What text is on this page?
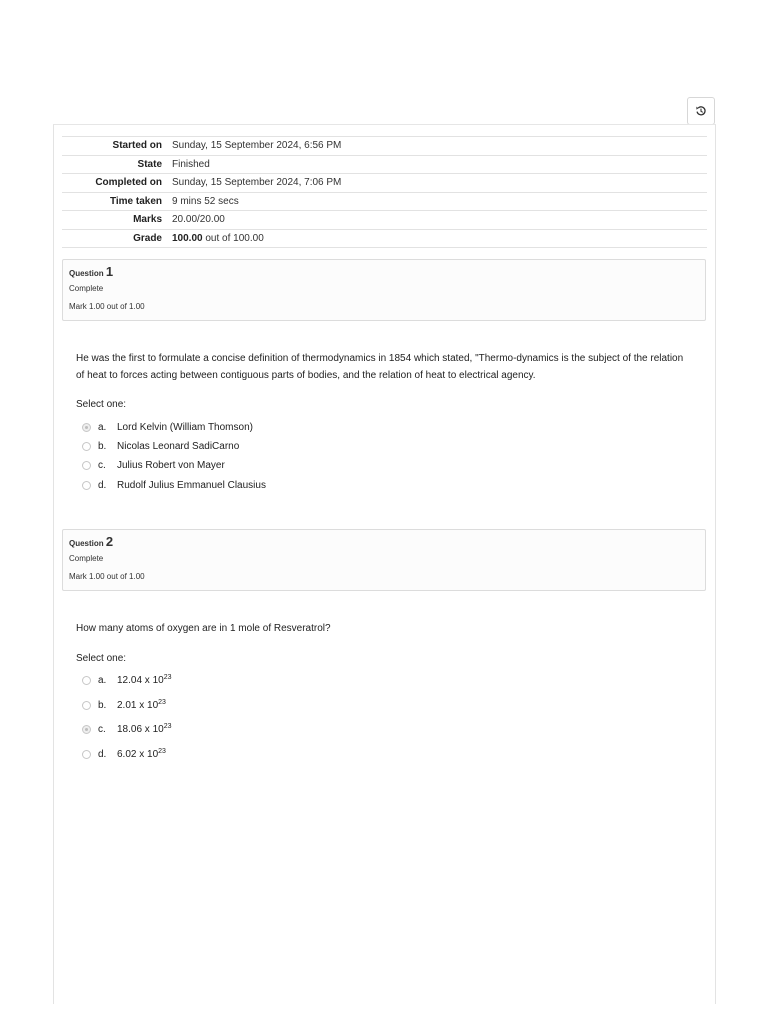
Started on	Sunday, 15 September 2024, 6:56 PM
State	Finished
Completed on	Sunday, 15 September 2024, 7:06 PM
Time taken	9 mins 52 secs
Marks	20.00/20.00
Grade	100.00 out of 100.00
Question 1
Complete
Mark 1.00 out of 1.00
He was the first to formulate a concise definition of thermodynamics in 1854 which stated, "Thermo-dynamics is the subject of the relation of heat to forces acting between contiguous parts of bodies, and the relation of heat to electrical agency.
Select one:
a.	Lord Kelvin (William Thomson)
b.	Nicolas Leonard SadiCarno
c.	Julius Robert von Mayer
d.	Rudolf Julius Emmanuel Clausius
Question 2
Complete
Mark 1.00 out of 1.00
How many atoms of oxygen are in 1 mole of Resveratrol?
Select one:
a.	12.04 x $10^{23}$
b.	2.01 x $10^{23}$
c.	18.06 x $10^{23}$
d.	6.02 x $10^{23}$
